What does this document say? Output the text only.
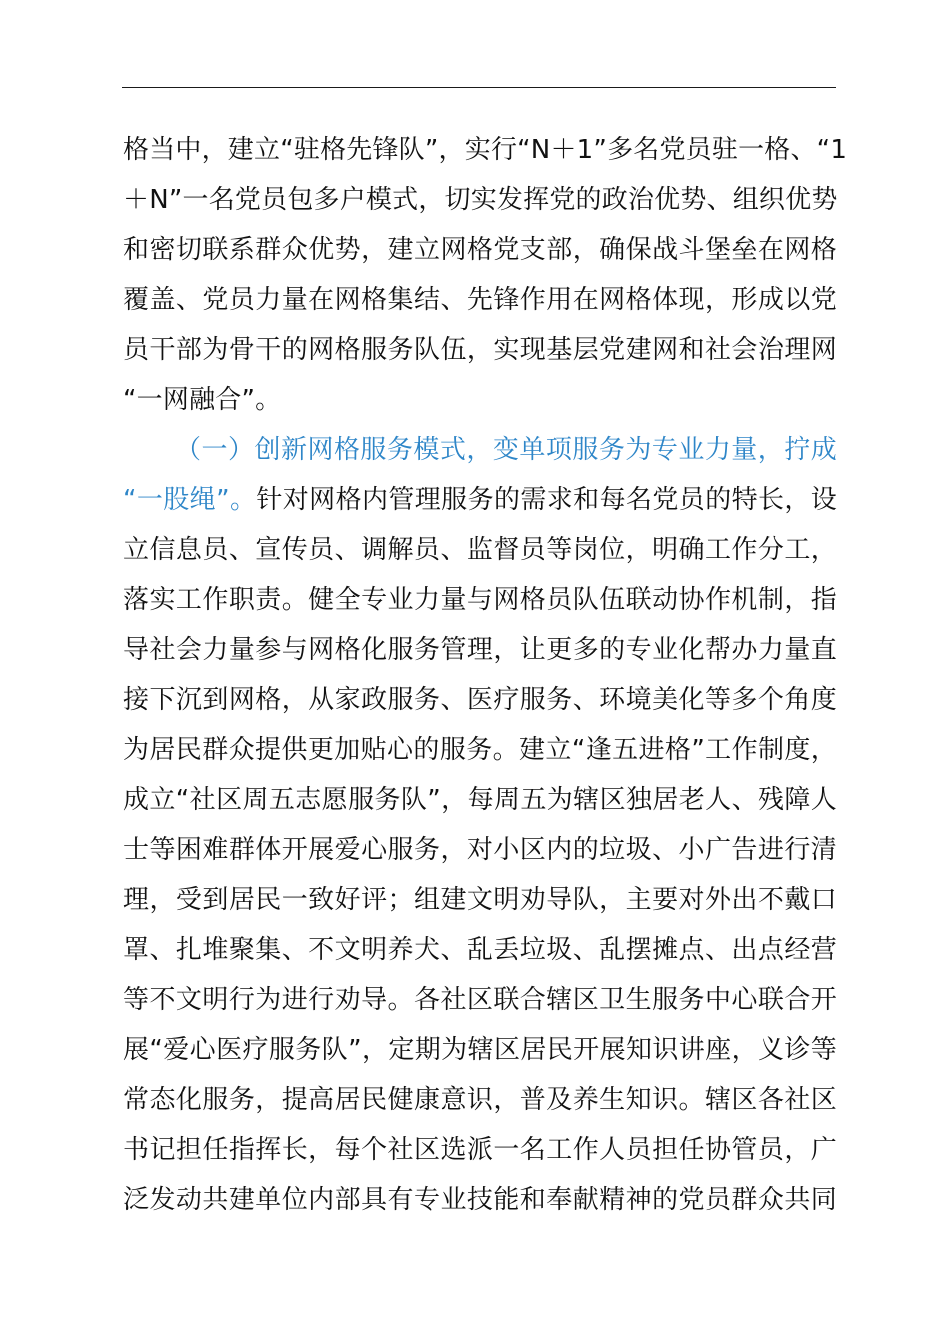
格当中，建立“驻格先锋队”，实行“N＋1”多名党员驻一格、“1
＋N”一名党员包多户模式，切实发挥党的政治优势、组织优势
和密切联系群众优势，建立网格党支部，确保战斗堡垒在网格
覆盖、党员力量在网格集结、先锋作用在网格体现，形成以党
员干部为骨干的网格服务队伍，实现基层党建网和社会治理网
“一网融合”。
（一）创新网格服务模式，变单项服务为专业力量，拧成
“一股绳”。针对网格内管理服务的需求和每名党员的特长，设
立信息员、宣传员、调解员、监督员等岗位，明确工作分工，
落实工作职责。健全专业力量与网格员队伍联动协作机制，指
导社会力量参与网格化服务管理，让更多的专业化帮办力量直
接下沉到网格，从家政服务、医疗服务、环境美化等多个角度
为居民群众提供更加贴心的服务。建立“逢五进格”工作制度，
成立“社区周五志愿服务队”，每周五为辖区独居老人、残障人
士等困难群体开展爱心服务，对小区内的垃圾、小广告进行清
理，受到居民一致好评；组建文明劝导队，主要对外出不戴口
罩、扎堆聚集、不文明养犬、乱丢垃圾、乱摆摊点、出点经营
等不文明行为进行劝导。各社区联合辖区卫生服务中心联合开
展“爱心医疗服务队”，定期为辖区居民开展知识讲座，义诊等
常态化服务，提高居民健康意识，普及养生知识。辖区各社区
书记担任指挥长，每个社区选派一名工作人员担任协管员，广
泛发动共建单位内部具有专业技能和奉献精神的党员群众共同
